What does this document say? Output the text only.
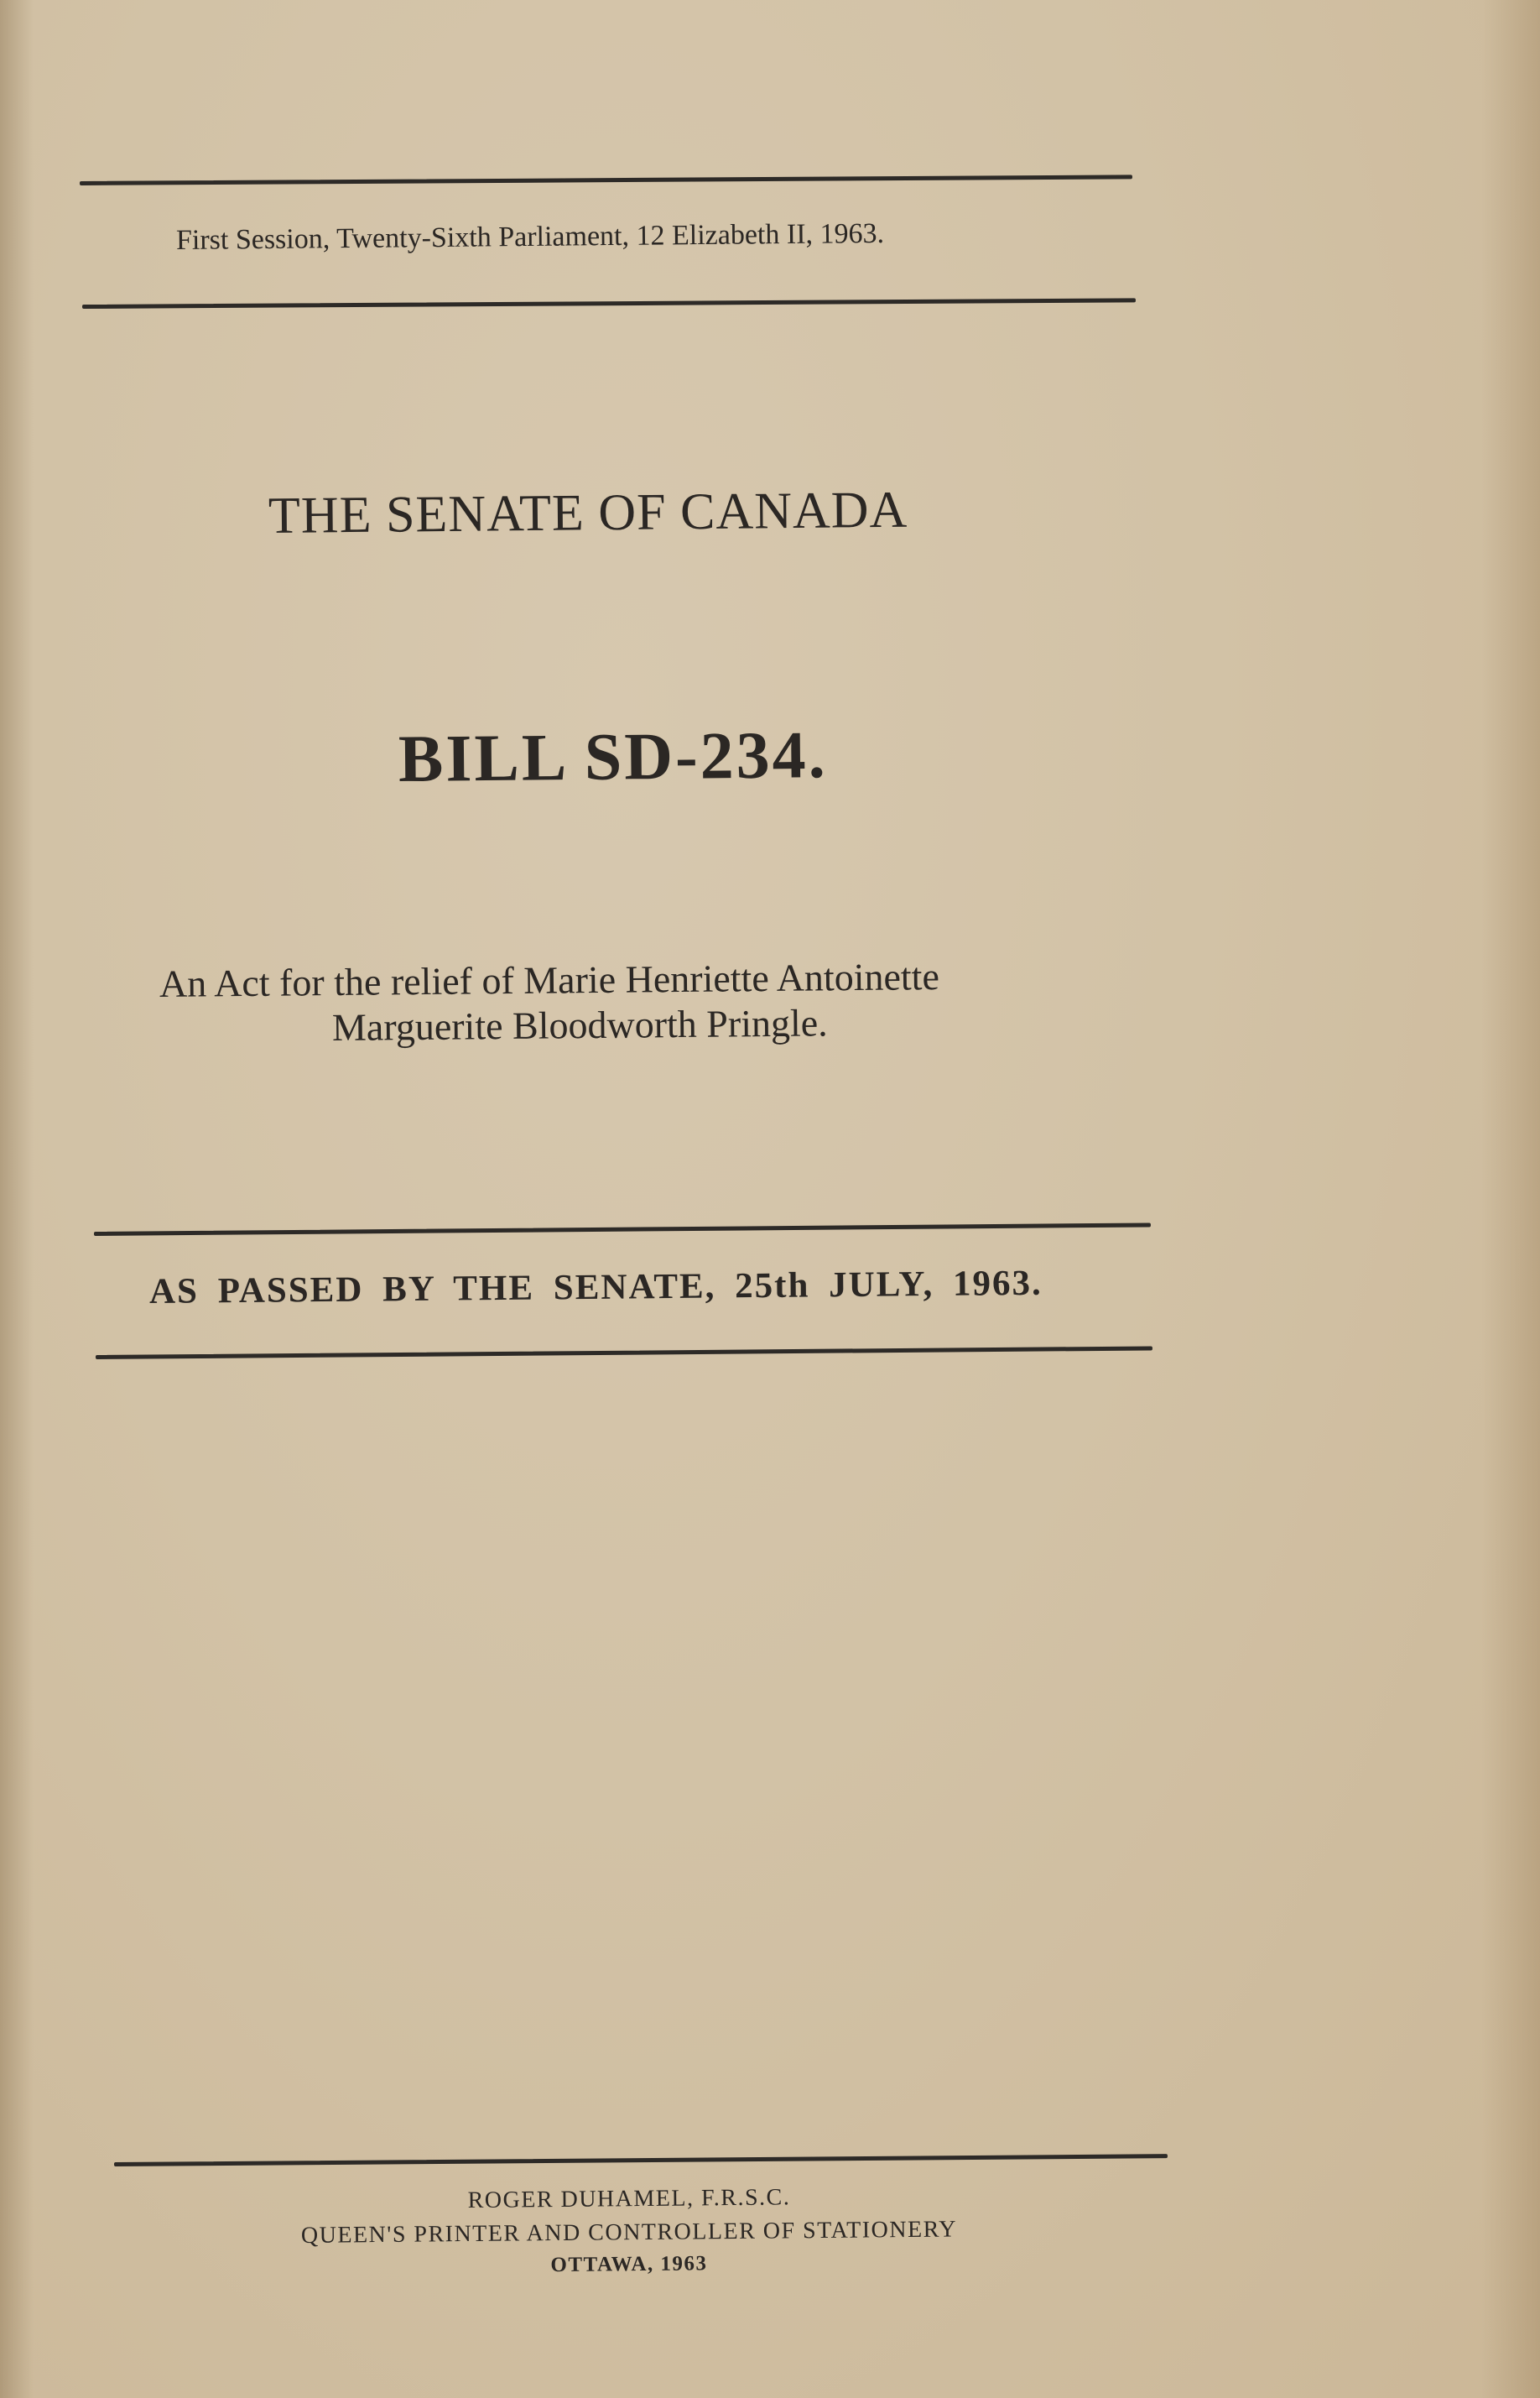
First Session, Twenty-Sixth Parliament, 12 Elizabeth II, 1963.
THE SENATE OF CANADA
BILL SD-234.
An Act for the relief of Marie Henriette Antoinette
Marguerite Bloodworth Pringle.
AS PASSED BY THE SENATE, 25th JULY, 1963.
ROGER DUHAMEL, F.R.S.C.
QUEEN'S PRINTER AND CONTROLLER OF STATIONERY
OTTAWA, 1963
